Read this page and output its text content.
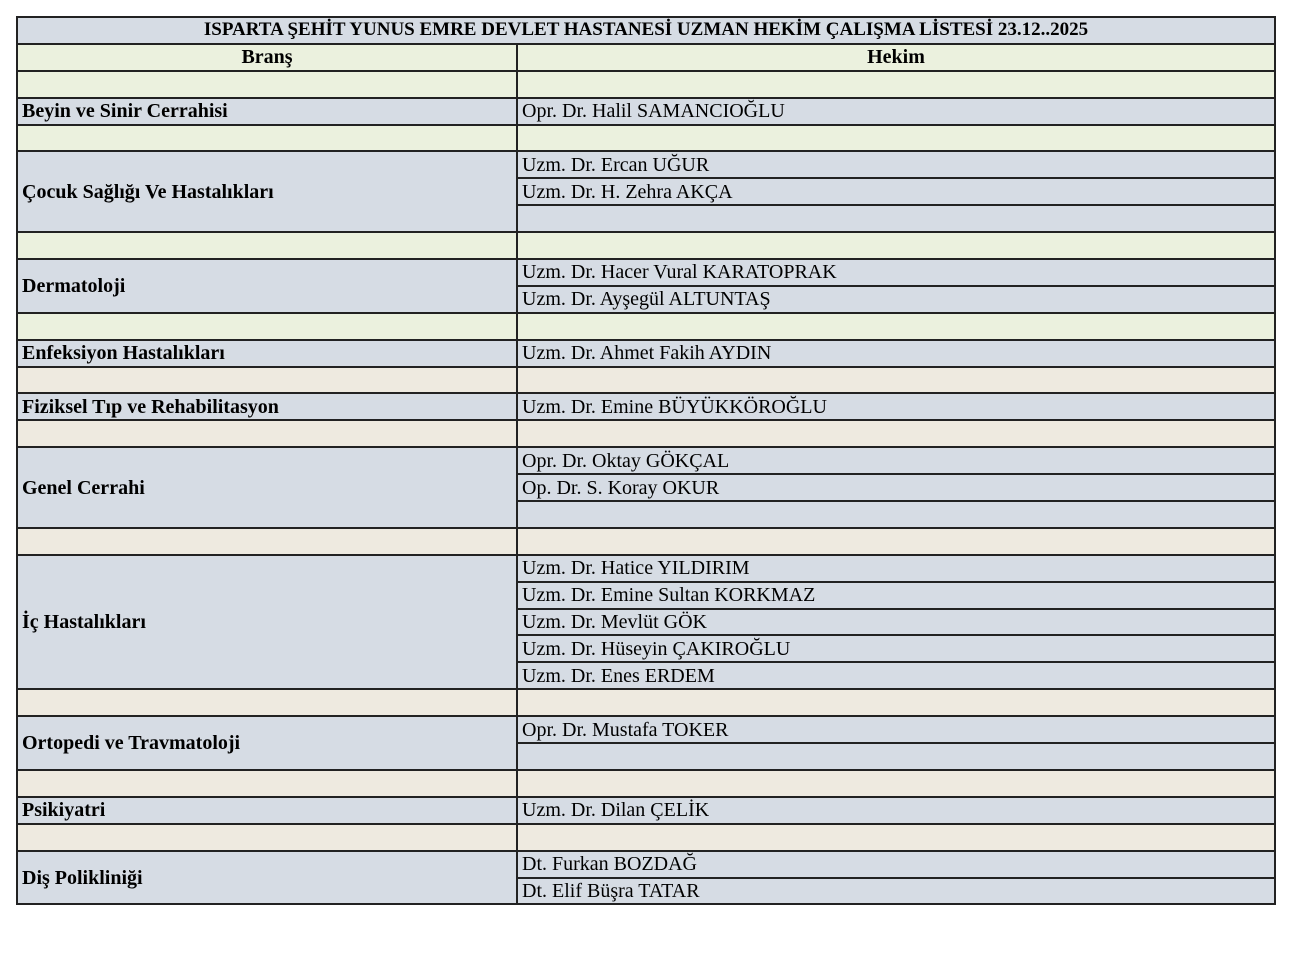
ISPARTA ŞEHİT YUNUS EMRE DEVLET HASTANESİ UZMAN HEKİM ÇALIŞMA LİSTESİ 23.12..2025	
Branş	Hekim

Beyin ve Sinir Cerrahisi	Opr. Dr. Halil SAMANCIOĞLU

Çocuk Sağlığı Ve Hastalıkları	Uzm. Dr. Ercan UĞUR
	Uzm. Dr. H. Zehra AKÇA

Dermatoloji	Uzm. Dr. Hacer Vural KARATOPRAK
	Uzm. Dr. Ayşegül ALTUNTAŞ

Enfeksiyon Hastalıkları	Uzm. Dr. Ahmet Fakih AYDIN

Fiziksel Tıp ve Rehabilitasyon	Uzm. Dr. Emine BÜYÜKKÖROĞLU

Genel Cerrahi	Opr. Dr. Oktay GÖKÇAL
	Op. Dr. S. Koray OKUR

İç Hastalıkları	Uzm. Dr. Hatice YILDIRIM
	Uzm. Dr. Emine Sultan KORKMAZ
	Uzm. Dr. Mevlüt GÖK
	Uzm. Dr. Hüseyin ÇAKIROĞLU
	Uzm. Dr. Enes ERDEM

Ortopedi ve Travmatoloji	Opr. Dr. Mustafa TOKER

Psikiyatri	Uzm. Dr. Dilan ÇELİK

Diş Polikliniği	Dt. Furkan BOZDAĞ
	Dt. Elif Büşra TATAR
